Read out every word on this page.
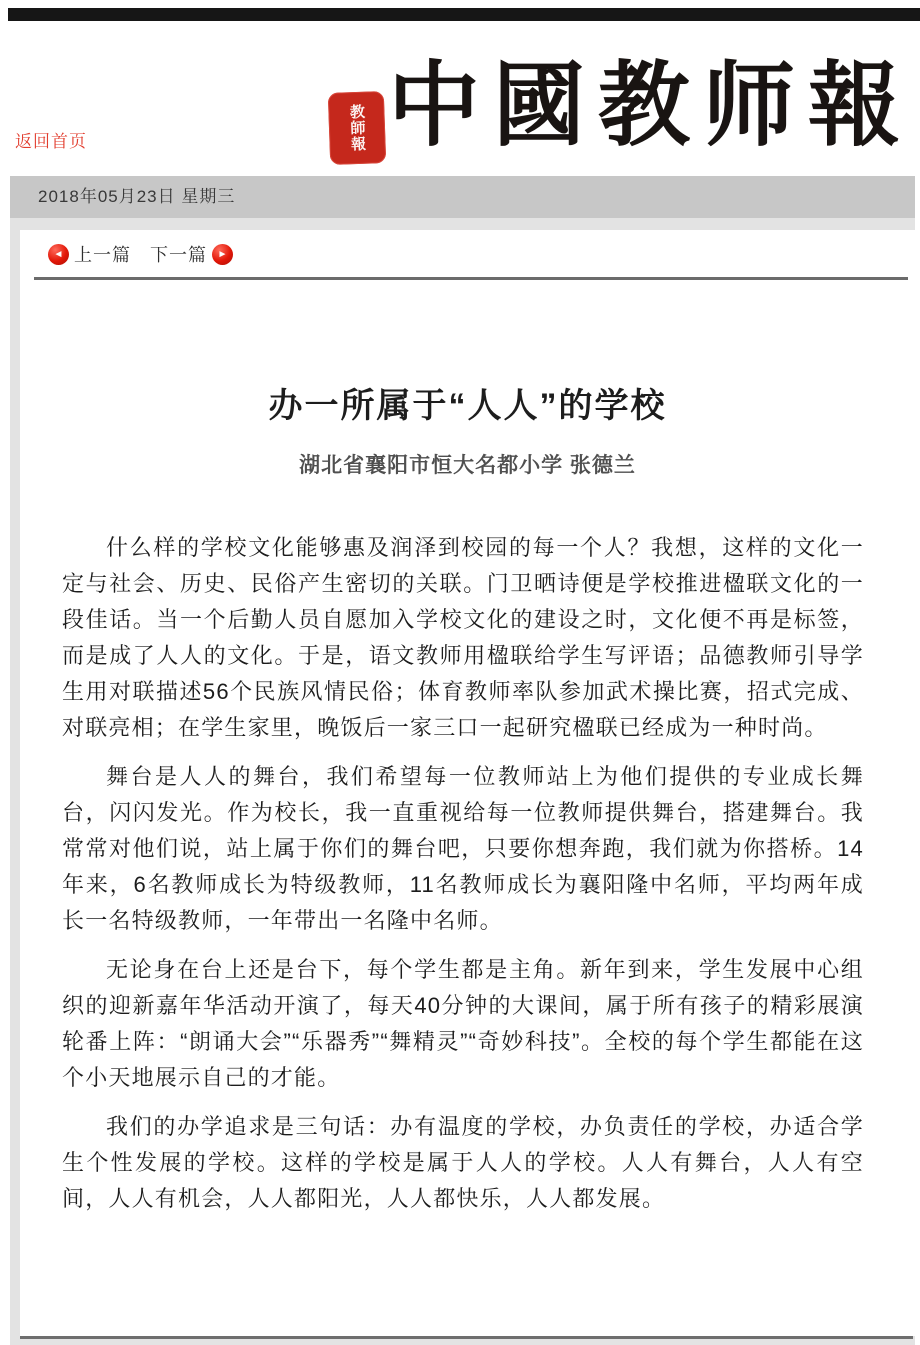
返回首页	教師報 中國教师報
2018年05月23日 星期三
◄ 上一篇 下一篇	►
办一所属于“人人”的学校
湖北省襄阳市恒大名都小学 张德兰

什么样的学校文化能够惠及润泽到校园的每一个人？我想，这样的文化一定与社会、历史、民俗产生密切的关联。门卫晒诗便是学校推进楹联文化的一段佳话。当一个后勤人员自愿加入学校文化的建设之时，文化便不再是标签，而是成了人人的文化。于是，语文教师用楹联给学生写评语；品德教师引导学生用对联描述56个民族风情民俗；体育教师率队参加武术操比赛，招式完成、对联亮相；在学生家里，晚饭后一家三口一起研究楹联已经成为一种时尚。

舞台是人人的舞台，我们希望每一位教师站上为他们提供的专业成长舞台，闪闪发光。作为校长，我一直重视给每一位教师提供舞台，搭建舞台。我常常对他们说，站上属于你们的舞台吧，只要你想奔跑，我们就为你搭桥。14年来，6名教师成长为特级教师，11名教师成长为襄阳隆中名师，平均两年成长一名特级教师，一年带出一名隆中名师。

无论身在台上还是台下，每个学生都是主角。新年到来，学生发展中心组织的迎新嘉年华活动开演了，每天40分钟的大课间，属于所有孩子的精彩展演轮番上阵：“朗诵大会”“乐器秀”“舞精灵”“奇妙科技”。全校的每个学生都能在这个小天地展示自己的才能。

我们的办学追求是三句话：办有温度的学校，办负责任的学校，办适合学生个性发展的学校。这样的学校是属于人人的学校。人人有舞台，人人有空间，人人有机会，人人都阳光，人人都快乐，人人都发展。
